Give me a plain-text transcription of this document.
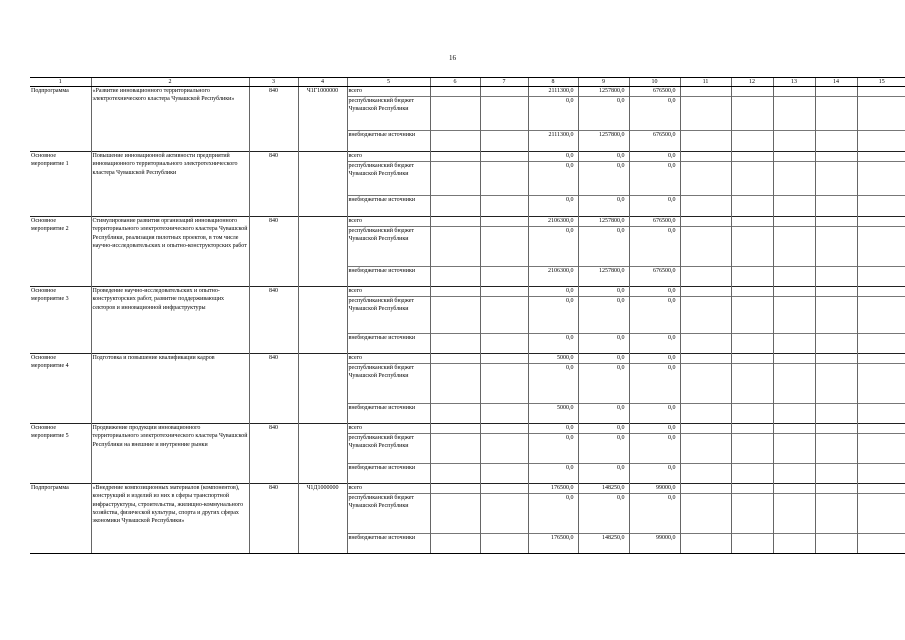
16
1	2	3	4	5	6	7	8	9	10	11	12	13	14	15
Подпрограмма	«Развитие инновационного территориального электротехнического кластера Чувашской Республики»	840	Ч1Г1000000	всего			2111300,0	1257800,0	676500,0					
				республиканский бюджет Чувашской Республики			0,0	0,0	0,0					
				внебюджетные источники			2111300,0	1257800,0	676500,0					
Основное мероприятие 1	Повышение инновационной активности предприятий инновационного территориального электротехнического кластера Чувашской Республики	840		всего			0,0	0,0	0,0					
				республиканский бюджет Чувашской Республики			0,0	0,0	0,0					
				внебюджетные источники			0,0	0,0	0,0					
Основное мероприятие 2	Стимулирование развития организаций инновационного территориального электротехнического кластера Чувашской Республики, реализация пилотных проектов, в том числе научно-исследовательских и опытно-конструкторских работ	840		всего			2106300,0	1257800,0	676500,0					
				республиканский бюджет Чувашской Республики			0,0	0,0	0,0					
				внебюджетные источники			2106300,0	1257800,0	676500,0					
Основное мероприятие 3	Проведение научно-исследовательских и опытно-конструкторских работ, развитие поддерживающих секторов и инновационной инфраструктуры	840		всего			0,0	0,0	0,0					
				республиканский бюджет Чувашской Республики			0,0	0,0	0,0					
				внебюджетные источники			0,0	0,0	0,0					
Основное мероприятие 4	Подготовка и повышение квалификации кадров	840		всего			5000,0	0,0	0,0					
				республиканский бюджет Чувашской Республики			0,0	0,0	0,0					
				внебюджетные источники			5000,0	0,0	0,0					
Основное мероприятие 5	Продвижение продукции инновационного территориального электротехнического кластера Чувашской Республики на внешние и внутренние рынки	840		всего			0,0	0,0	0,0					
				республиканский бюджет Чувашской Республики			0,0	0,0	0,0					
				внебюджетные источники			0,0	0,0	0,0					
Подпрограмма	«Внедрение композиционных материалов (компонентов), конструкций и изделий из них в сферы транспортной инфраструктуры, строительства, жилищно-коммунального хозяйства, физической культуры, спорта и других сферах экономики Чувашской Республики»	840	Ч1Д1000000	всего			176500,0	148250,0	99000,0					
				республиканский бюджет Чувашской Республики			0,0	0,0	0,0					
				внебюджетные источники			176500,0	148250,0	99000,0					
